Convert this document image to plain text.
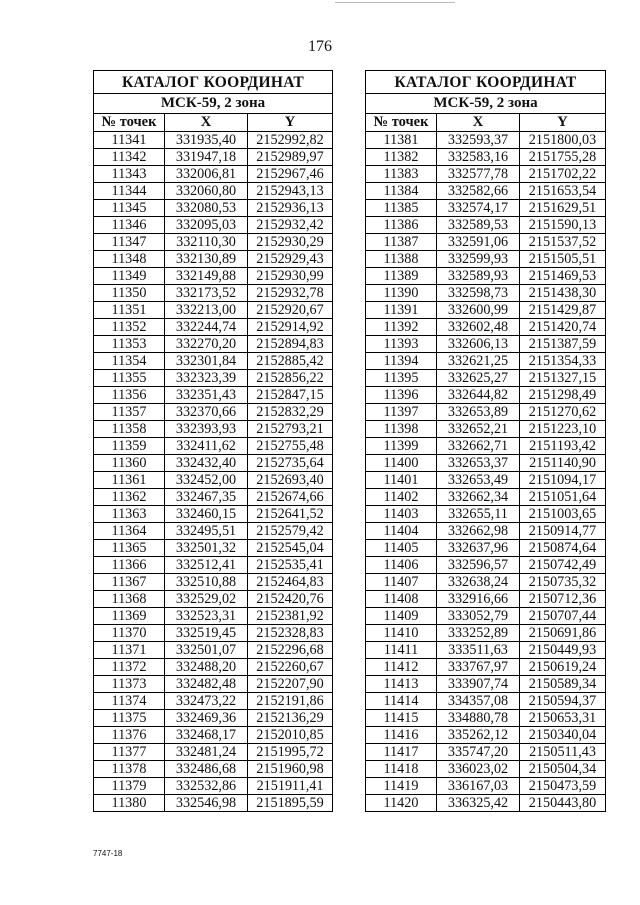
176
КАТАЛОГ КООРДИНАТ		
МСК-59, 2 зона		
№ точек	X	Y
11341	331935,40	2152992,82
11342	331947,18	2152989,97
11343	332006,81	2152967,46
11344	332060,80	2152943,13
11345	332080,53	2152936,13
11346	332095,03	2152932,42
11347	332110,30	2152930,29
11348	332130,89	2152929,43
11349	332149,88	2152930,99
11350	332173,52	2152932,78
11351	332213,00	2152920,67
11352	332244,74	2152914,92
11353	332270,20	2152894,83
11354	332301,84	2152885,42
11355	332323,39	2152856,22
11356	332351,43	2152847,15
11357	332370,66	2152832,29
11358	332393,93	2152793,21
11359	332411,62	2152755,48
11360	332432,40	2152735,64
11361	332452,00	2152693,40
11362	332467,35	2152674,66
11363	332460,15	2152641,52
11364	332495,51	2152579,42
11365	332501,32	2152545,04
11366	332512,41	2152535,41
11367	332510,88	2152464,83
11368	332529,02	2152420,76
11369	332523,31	2152381,92
11370	332519,45	2152328,83
11371	332501,07	2152296,68
11372	332488,20	2152260,67
11373	332482,48	2152207,90
11374	332473,22	2152191,86
11375	332469,36	2152136,29
11376	332468,17	2152010,85
11377	332481,24	2151995,72
11378	332486,68	2151960,98
11379	332532,86	2151911,41
11380	332546,98	2151895,59
КАТАЛОГ КООРДИНАТ		
МСК-59, 2 зона		
№ точек	X	Y
11381	332593,37	2151800,03
11382	332583,16	2151755,28
11383	332577,78	2151702,22
11384	332582,66	2151653,54
11385	332574,17	2151629,51
11386	332589,53	2151590,13
11387	332591,06	2151537,52
11388	332599,93	2151505,51
11389	332589,93	2151469,53
11390	332598,73	2151438,30
11391	332600,99	2151429,87
11392	332602,48	2151420,74
11393	332606,13	2151387,59
11394	332621,25	2151354,33
11395	332625,27	2151327,15
11396	332644,82	2151298,49
11397	332653,89	2151270,62
11398	332652,21	2151223,10
11399	332662,71	2151193,42
11400	332653,37	2151140,90
11401	332653,49	2151094,17
11402	332662,34	2151051,64
11403	332655,11	2151003,65
11404	332662,98	2150914,77
11405	332637,96	2150874,64
11406	332596,57	2150742,49
11407	332638,24	2150735,32
11408	332916,66	2150712,36
11409	333052,79	2150707,44
11410	333252,89	2150691,86
11411	333511,63	2150449,93
11412	333767,97	2150619,24
11413	333907,74	2150589,34
11414	334357,08	2150594,37
11415	334880,78	2150653,31
11416	335262,12	2150340,04
11417	335747,20	2150511,43
11418	336023,02	2150504,34
11419	336167,03	2150473,59
11420	336325,42	2150443,80
7747-18
